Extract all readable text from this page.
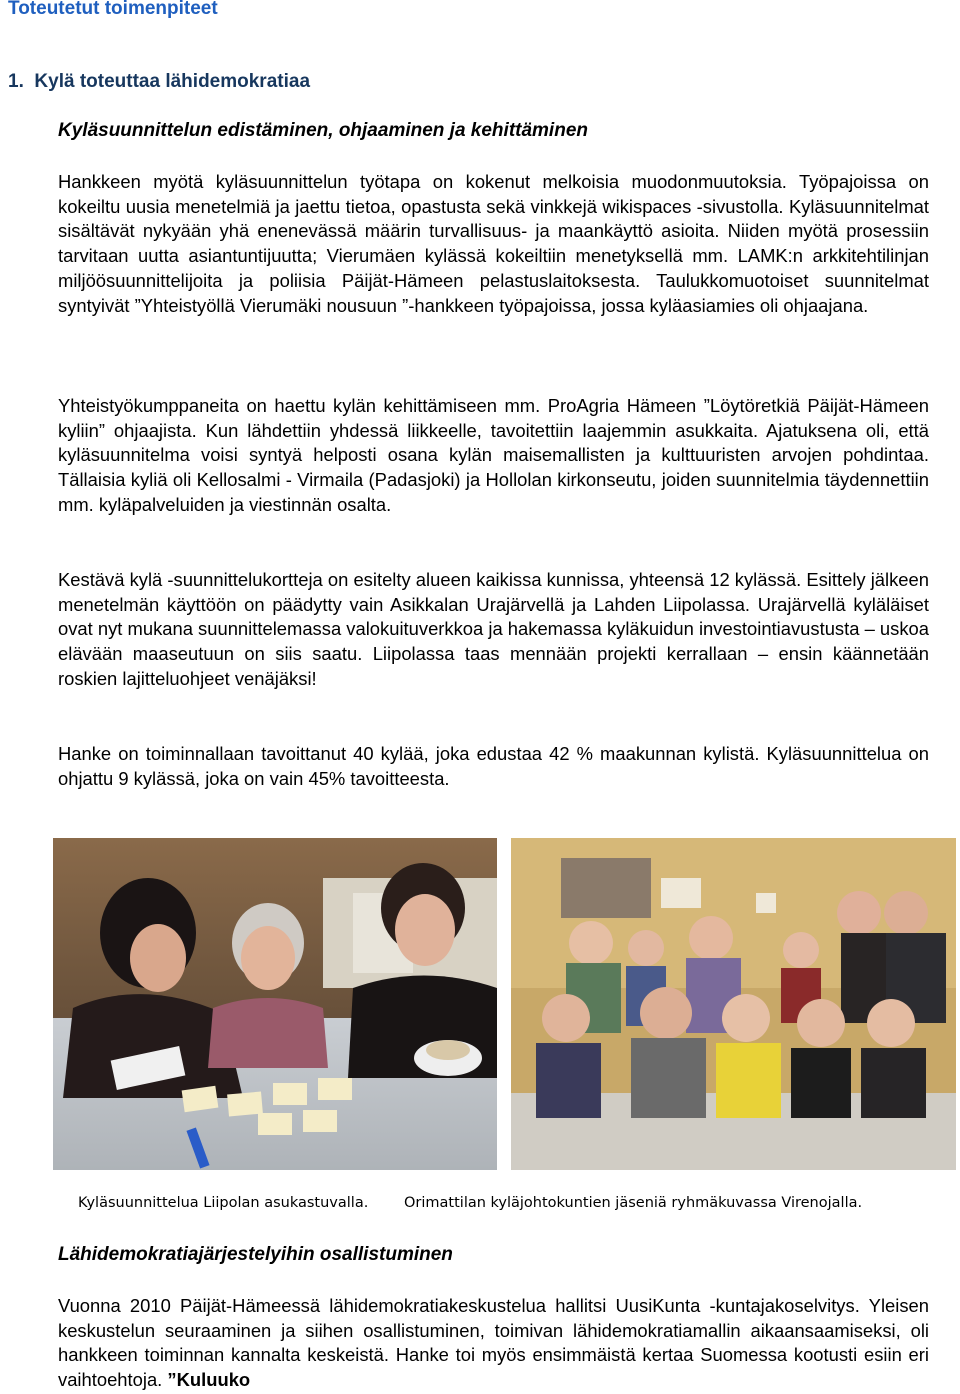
Toteutetut toimenpiteet
1. Kylä toteuttaa lähidemokratiaa
Kyläsuunnittelun edistäminen, ohjaaminen ja kehittäminen

Hankkeen myötä kyläsuunnittelun työtapa on kokenut melkoisia muodonmuutoksia. Työpajoissa on kokeiltu uusia menetelmiä ja jaettu tietoa, opastusta sekä vinkkejä wikispaces -sivustolla. Kyläsuunnitelmat sisältävät nykyään yhä enenevässä määrin turvallisuus- ja maankäyttö asioita. Niiden myötä prosessiin tarvitaan uutta asiantuntijuutta; Vierumäen kylässä kokeiltiin menetyksellä mm. LAMK:n arkkitehtilinjan miljöösuunnittelijoita ja poliisia Päijät-Hämeen pelastuslaitoksesta. Taulukkomuotoiset suunnitelmat syntyivät ”Yhteistyöllä Vierumäki nousuun ”-hankkeen työpajoissa, jossa kyläasiamies oli ohjaajana.

Yhteistyökumppaneita on haettu kylän kehittämiseen mm. ProAgria Hämeen ”Löytöretkiä Päijät-Hämeen kyliin” ohjaajista. Kun lähdettiin yhdessä liikkeelle, tavoitettiin laajemmin asukkaita. Ajatuksena oli, että kyläsuunnitelma voisi syntyä helposti osana kylän maisemallisten ja kulttuuristen arvojen pohdintaa. Tällaisia kyliä oli Kellosalmi - Virmaila (Padasjoki) ja Hollolan kirkonseutu, joiden suunnitelmia täydennettiin mm. kyläpalveluiden ja viestinnän osalta.

Kestävä kylä -suunnittelukortteja on esitelty alueen kaikissa kunnissa, yhteensä 12 kylässä. Esittely jälkeen menetelmän käyttöön on päädytty vain Asikkalan Urajärvellä ja Lahden Liipolassa. Urajärvellä kyläläiset ovat nyt mukana suunnittelemassa valokuituverkkoa ja hakemassa kyläkuidun investointiavustusta – uskoa elävään maaseutuun on siis saatu. Liipolassa taas mennään projekti kerrallaan – ensin käännetään roskien lajitteluohjeet venäjäksi!

Hanke on toiminnallaan tavoittanut 40 kylää, joka edustaa 42 % maakunnan kylistä. Kyläsuunnittelua on ohjattu 9 kylässä, joka on vain 45% tavoitteesta.

Kyläsuunnittelua Liipolan asukastuvalla. Orimattilan kyläjohtokuntien jäseniä ryhmäkuvassa Virenojalla.

Lähidemokratiajärjestelyihin osallistuminen

Vuonna 2010 Päijät-Hämeessä lähidemokratiakeskustelua hallitsi UusiKunta -kuntajakoselvitys. Yleisen keskustelun seuraaminen ja siihen osallistuminen, toimivan lähidemokratiamallin aikaansaamiseksi, oli hankkeen toiminnan kannalta keskeistä. Hanke toi myös ensimmäistä kertaa Suomessa kootusti esiin eri vaihtoehtoja. ”Kuluuko
